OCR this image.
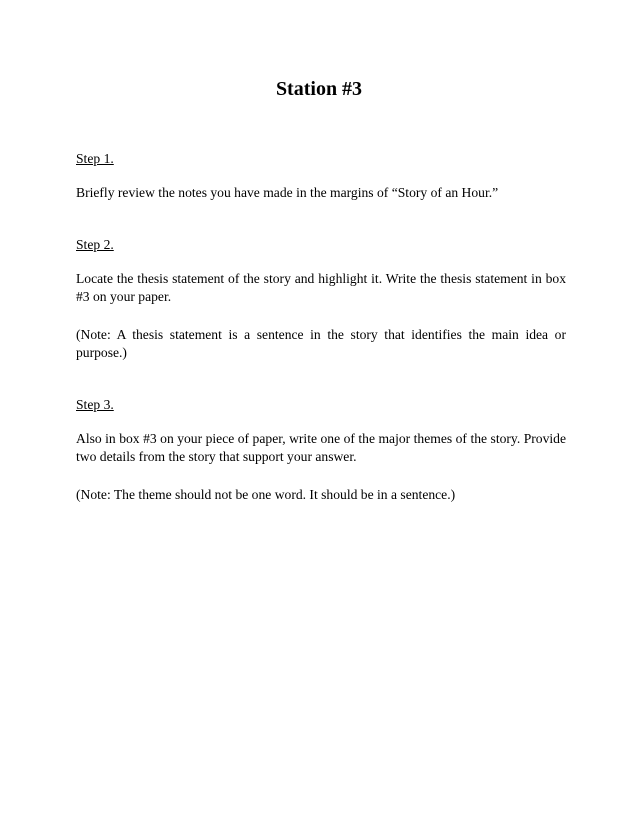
Station #3

Step 1.

Briefly review the notes you have made in the margins of “Story of an Hour.”

Step 2.

Locate the thesis statement of the story and highlight it. Write the thesis statement in box #3 on your paper.

(Note: A thesis statement is a sentence in the story that identifies the main idea or purpose.)

Step 3.

Also in box #3 on your piece of paper, write one of the major themes of the story. Provide two details from the story that support your answer.

(Note: The theme should not be one word. It should be in a sentence.)
